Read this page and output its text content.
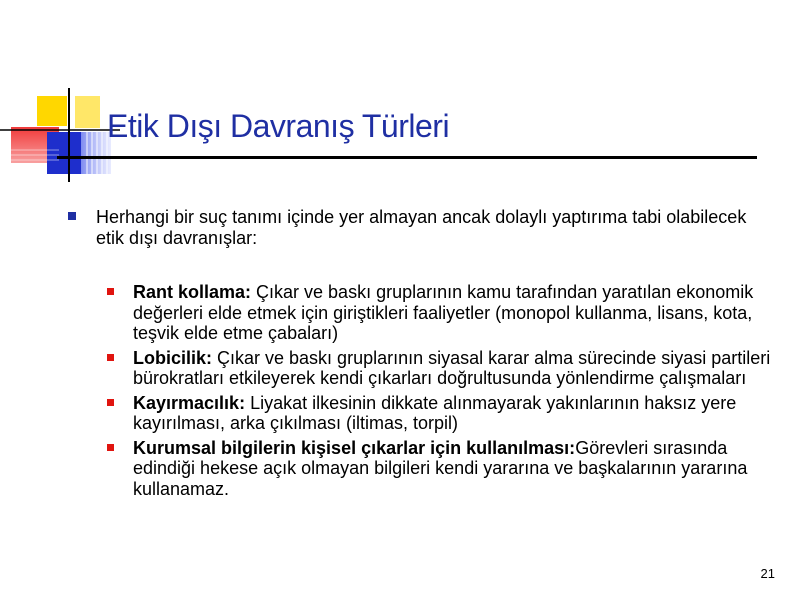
Etik Dışı Davranış Türleri
Herhangi bir suç tanımı içinde yer almayan ancak dolaylı yaptırıma tabi olabilecek etik dışı davranışlar:
Rant kollama: Çıkar ve baskı gruplarının kamu tarafından yaratılan ekonomik değerleri elde etmek için giriştikleri faaliyetler (monopol kullanma, lisans, kota, teşvik elde etme çabaları)
Lobicilik: Çıkar ve baskı gruplarının siyasal karar alma sürecinde siyasi partileri bürokratları etkileyerek kendi çıkarları doğrultusunda yönlendirme çalışmaları
Kayırmacılık: Liyakat ilkesinin dikkate alınmayarak yakınlarının haksız yere kayırılması, arka çıkılması (iltimas, torpil)
Kurumsal bilgilerin kişisel çıkarlar için kullanılması:Görevleri sırasında edindiği hekese açık olmayan bilgileri kendi yararına ve başkalarının yararına kullanamaz.
21
